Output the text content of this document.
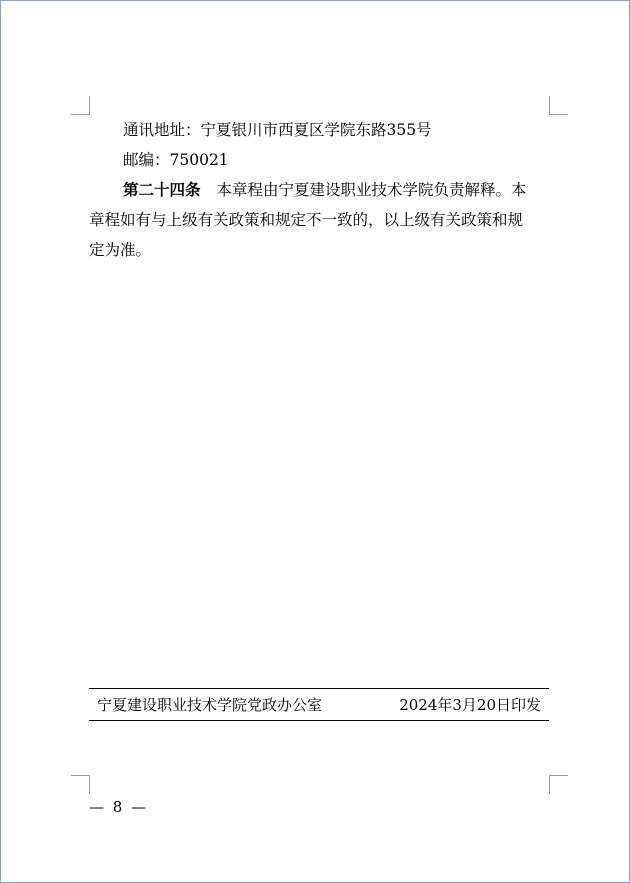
通讯地址：宁夏银川市西夏区学院东路355号
邮编：750021
第二十四条 本章程由宁夏建设职业技术学院负责解释。本
章程如有与上级有关政策和规定不一致的，以上级有关政策和规
定为准。
宁夏建设职业技术学院党政办公室	2024年3月20日印发
— 8 —
